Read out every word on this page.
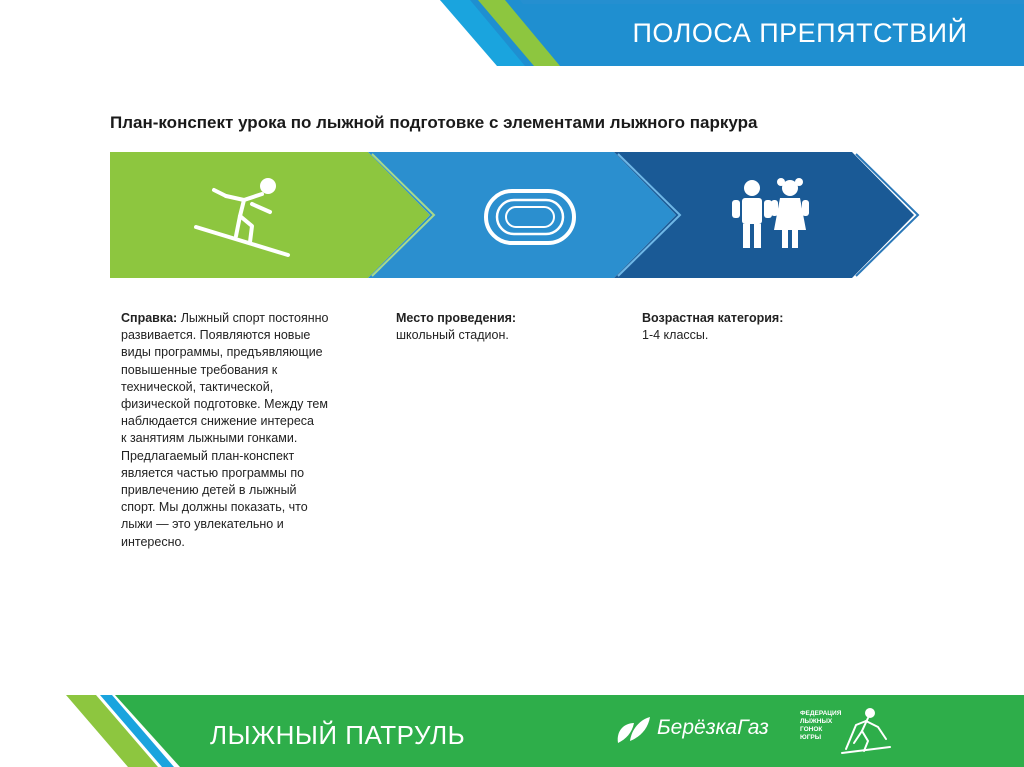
ПОЛОСА ПРЕПЯТСТВИЙ
План-конспект урока по лыжной подготовке с элементами лыжного паркура
Справка: Лыжный спорт постоянно
развивается. Появляются новые
виды программы, предъявляющие
повышенные требования к
технической, тактической,
физической подготовке. Между тем
наблюдается снижение интереса
к занятиям лыжными гонками.
Предлагаемый план-конспект
является частью программы по
привлечению детей в лыжный
спорт. Мы должны показать, что
лыжи — это увлекательно и
интересно.
Место проведения:
школьный стадион.
Возрастная категория:
1-4 классы.
ЛЫЖНЫЙ ПАТРУЛЬ	БерёзкаГаз
ФЕДЕРАЦИЯ
ЛЫЖНЫХ
ГОНОК
ЮГРЫ
